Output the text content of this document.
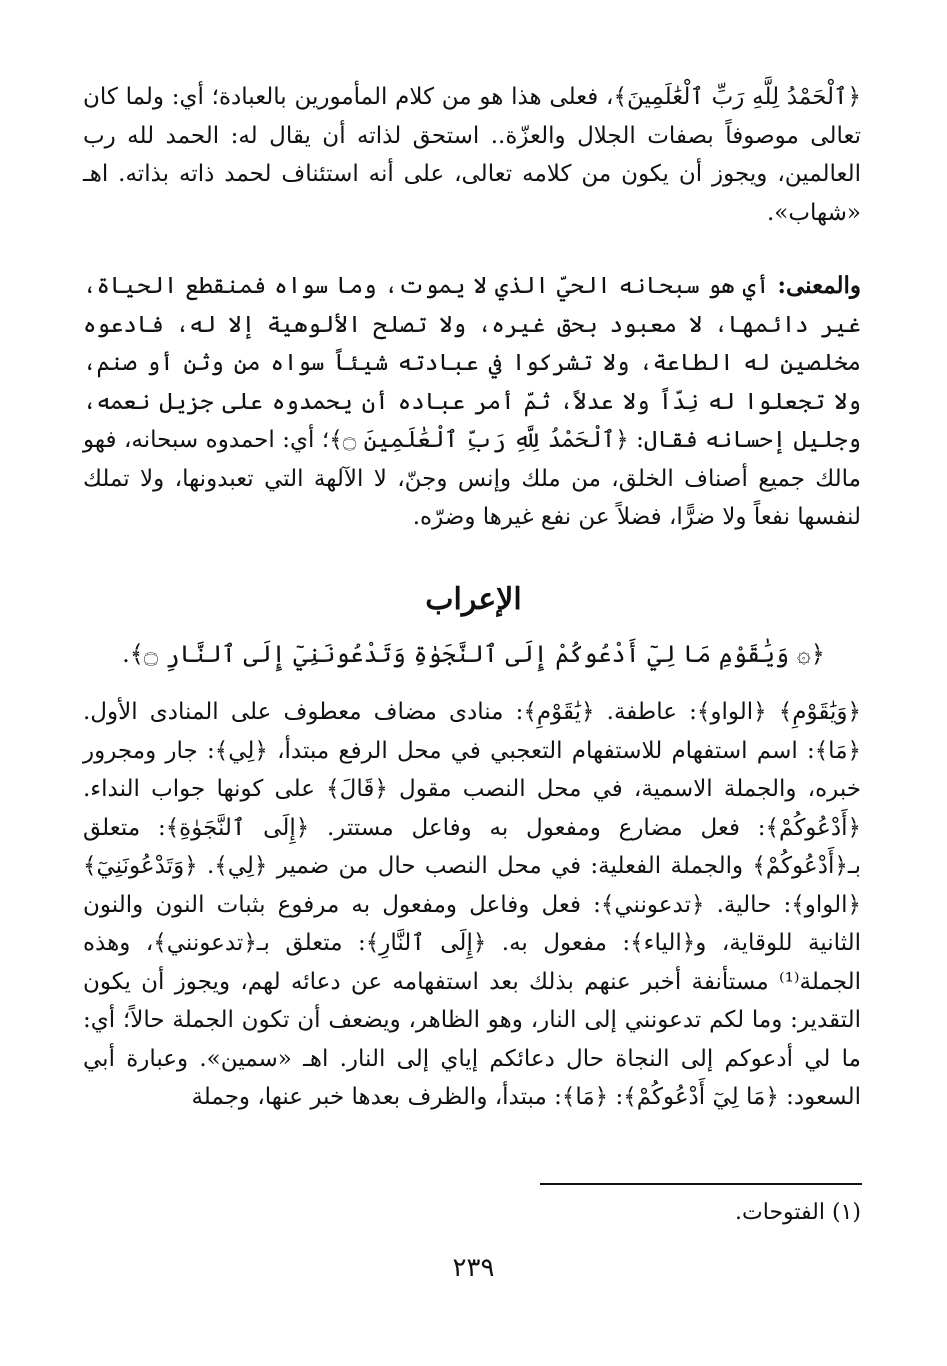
﴿ٱلْحَمْدُ لِلَّهِ رَبِّ ٱلْعَٰلَمِينَ﴾، فعلى هذا هو من كلام المأمورين بالعبادة؛ أي: ولما كان تعالى موصوفاً بصفات الجلال والعزّة.. استحق لذاته أن يقال له: الحمد لله رب العالمين، ويجوز أن يكون من كلامه تعالى، على أنه استئناف لحمد ذاته بذاته. اهـ «شهاب».

والمعنى: أي هو سبحانه الحيّ الذي لا يموت، وما سواه فمنقطع الحياة، غير دائمها، لا معبود بحق غيره، ولا تصلح الألوهية إلا له، فادعوه مخلصين له الطاعة، ولا تشركوا في عبادته شيئاً سواه من وثن أو صنم، ولا تجعلوا له نِدّاً ولا عدلاً، ثمّ أمر عباده أن يحمدوه على جزيل نعمه، وجليل إحسانه فقال: ﴿ٱلْحَمْدُ لِلَّهِ رَبِّ ٱلْعَٰلَمِينَ ۝﴾؛ أي: احمدوه سبحانه، فهو مالك جميع أصناف الخلق، من ملك وإنس وجنّ، لا الآلهة التي تعبدونها، ولا تملك لنفسها نفعاً ولا ضرًّا، فضلاً عن نفع غيرها وضرّه.

الإعراب
﴿۞ وَيَٰقَوْمِ مَا لِيٓ أَدْعُوكُمْ إِلَى ٱلنَّجَوٰةِ وَتَدْعُونَنِيٓ إِلَى ٱلنَّارِ ۝﴾.

﴿وَيَٰقَوْمِ﴾ ﴿الواو﴾: عاطفة. ﴿يَٰقَوْمِ﴾: منادى مضاف معطوف على المنادى الأول. ﴿مَا﴾: اسم استفهام للاستفهام التعجبي في محل الرفع مبتدأ، ﴿لِي﴾: جار ومجرور خبره، والجملة الاسمية، في محل النصب مقول ﴿قَالَ﴾ على كونها جواب النداء. ﴿أَدْعُوكُمْ﴾: فعل مضارع ومفعول به وفاعل مستتر. ﴿إِلَى ٱلنَّجَوٰةِ﴾: متعلق بـ﴿أَدْعُوكُمْ﴾ والجملة الفعلية: في محل النصب حال من ضمير ﴿لِي﴾. ﴿وَتَدْعُونَنِيٓ﴾ ﴿الواو﴾: حالية. ﴿تدعونني﴾: فعل وفاعل ومفعول به مرفوع بثبات النون والنون الثانية للوقاية، و﴿الياء﴾: مفعول به. ﴿إِلَى ٱلنَّارِ﴾: متعلق بـ﴿تدعونني﴾، وهذه الجملة⁽¹⁾ مستأنفة أخبر عنهم بذلك بعد استفهامه عن دعائه لهم، ويجوز أن يكون التقدير: وما لكم تدعونني إلى النار، وهو الظاهر، ويضعف أن تكون الجملة حالاً؛ أي: ما لي أدعوكم إلى النجاة حال دعائكم إياي إلى النار. اهـ «سمين». وعبارة أبي السعود: ﴿مَا لِيٓ أَدْعُوكُمْ﴾: ﴿مَا﴾: مبتدأ، والظرف بعدها خبر عنها، وجملة

(١) الفتوحات.
٢٣٩
